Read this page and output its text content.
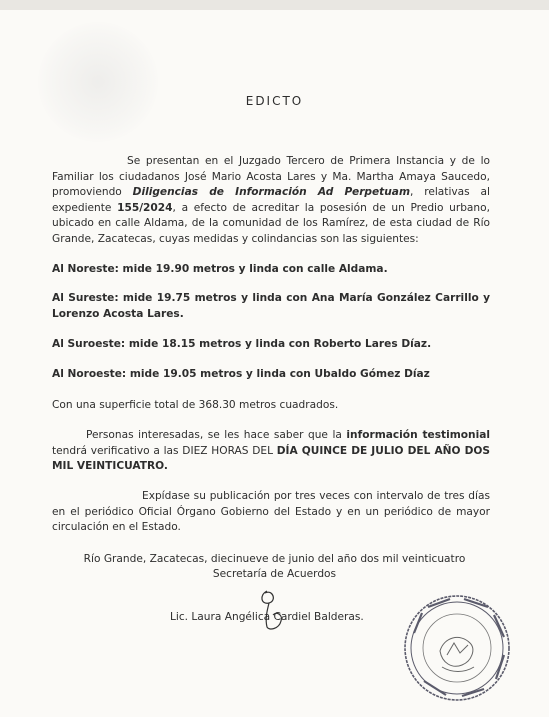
EDICTO

Se presentan en el Juzgado Tercero de Primera Instancia y de lo Familiar los ciudadanos José Mario Acosta Lares y Ma. Martha Amaya Saucedo, promoviendo Diligencias de Información Ad Perpetuam, relativas al expediente 155/2024, a efecto de acreditar la posesión de un Predio urbano, ubicado en calle Aldama, de la comunidad de los Ramírez, de esta ciudad de Río Grande, Zacatecas, cuyas medidas y colindancias son las siguientes:

Al Noreste: mide 19.90 metros y linda con calle Aldama.

Al Sureste: mide 19.75 metros y linda con Ana María González Carrillo y Lorenzo Acosta Lares.

Al Suroeste: mide 18.15 metros y linda con Roberto Lares Díaz.

Al Noroeste: mide 19.05 metros y linda con Ubaldo Gómez Díaz

Con una superficie total de 368.30 metros cuadrados.

Personas interesadas, se les hace saber que la información testimonial tendrá verificativo a las DIEZ HORAS DEL DÍA QUINCE DE JULIO DEL AÑO DOS MIL VEINTICUATRO.

Expídase su publicación por tres veces con intervalo de tres días en el periódico Oficial Órgano Gobierno del Estado y en un periódico de mayor circulación en el Estado.

Río Grande, Zacatecas, diecinueve de junio del año dos mil veinticuatro
Secretaría de Acuerdos
Lic. Laura Angélica Cardiel Balderas.
